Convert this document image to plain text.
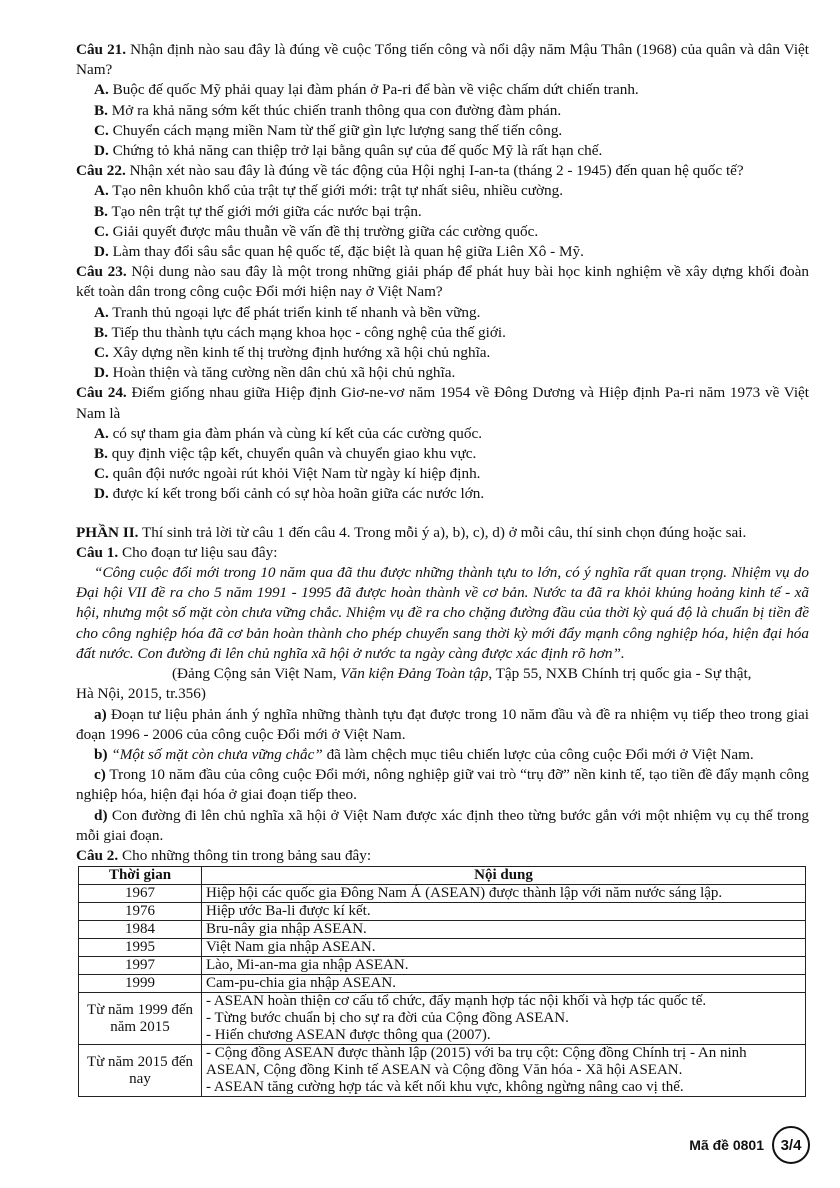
Câu 21. Nhận định nào sau đây là đúng về cuộc Tổng tiến công và nổi dậy năm Mậu Thân (1968) của quân và dân Việt Nam?

A. Buộc đế quốc Mỹ phải quay lại đàm phán ở Pa-ri để bàn về việc chấm dứt chiến tranh.

B. Mở ra khả năng sớm kết thúc chiến tranh thông qua con đường đàm phán.

C. Chuyển cách mạng miền Nam từ thế giữ gìn lực lượng sang thế tiến công.

D. Chứng tỏ khả năng can thiệp trở lại bằng quân sự của đế quốc Mỹ là rất hạn chế.

Câu 22. Nhận xét nào sau đây là đúng về tác động của Hội nghị I-an-ta (tháng 2 - 1945) đến quan hệ quốc tế?

A. Tạo nên khuôn khổ của trật tự thế giới mới: trật tự nhất siêu, nhiều cường.

B. Tạo nên trật tự thế giới mới giữa các nước bại trận.

C. Giải quyết được mâu thuẫn về vấn đề thị trường giữa các cường quốc.

D. Làm thay đổi sâu sắc quan hệ quốc tế, đặc biệt là quan hệ giữa Liên Xô - Mỹ.

Câu 23. Nội dung nào sau đây là một trong những giải pháp để phát huy bài học kinh nghiệm về xây dựng khối đoàn kết toàn dân trong công cuộc Đổi mới hiện nay ở Việt Nam?

A. Tranh thủ ngoại lực để phát triển kinh tế nhanh và bền vững.

B. Tiếp thu thành tựu cách mạng khoa học - công nghệ của thế giới.

C. Xây dựng nền kinh tế thị trường định hướng xã hội chủ nghĩa.

D. Hoàn thiện và tăng cường nền dân chủ xã hội chủ nghĩa.

Câu 24. Điểm giống nhau giữa Hiệp định Giơ-ne-vơ năm 1954 về Đông Dương và Hiệp định Pa-ri năm 1973 về Việt Nam là

A. có sự tham gia đàm phán và cùng kí kết của các cường quốc.

B. quy định việc tập kết, chuyển quân và chuyển giao khu vực.

C. quân đội nước ngoài rút khỏi Việt Nam từ ngày kí hiệp định.

D. được kí kết trong bối cảnh có sự hòa hoãn giữa các nước lớn.

PHẦN II. Thí sinh trả lời từ câu 1 đến câu 4. Trong mỗi ý a), b), c), d) ở mỗi câu, thí sinh chọn đúng hoặc sai.

Câu 1. Cho đoạn tư liệu sau đây:

“Công cuộc đổi mới trong 10 năm qua đã thu được những thành tựu to lớn, có ý nghĩa rất quan trọng. Nhiệm vụ do Đại hội VII đề ra cho 5 năm 1991 - 1995 đã được hoàn thành về cơ bản. Nước ta đã ra khỏi khủng hoảng kinh tế - xã hội, nhưng một số mặt còn chưa vững chắc. Nhiệm vụ đề ra cho chặng đường đầu của thời kỳ quá độ là chuẩn bị tiền đề cho công nghiệp hóa đã cơ bản hoàn thành cho phép chuyển sang thời kỳ mới đẩy mạnh công nghiệp hóa, hiện đại hóa đất nước. Con đường đi lên chủ nghĩa xã hội ở nước ta ngày càng được xác định rõ hơn”.

(Đảng Cộng sản Việt Nam, Văn kiện Đảng Toàn tập, Tập 55, NXB Chính trị quốc gia - Sự thật,

Hà Nội, 2015, tr.356)

a) Đoạn tư liệu phản ánh ý nghĩa những thành tựu đạt được trong 10 năm đầu và đề ra nhiệm vụ tiếp theo trong giai đoạn 1996 - 2006 của công cuộc Đổi mới ở Việt Nam.

b) “Một số mặt còn chưa vững chắc” đã làm chệch mục tiêu chiến lược của công cuộc Đổi mới ở Việt Nam.

c) Trong 10 năm đầu của công cuộc Đổi mới, nông nghiệp giữ vai trò “trụ đỡ” nền kinh tế, tạo tiền đề đẩy mạnh công nghiệp hóa, hiện đại hóa ở giai đoạn tiếp theo.

d) Con đường đi lên chủ nghĩa xã hội ở Việt Nam được xác định theo từng bước gắn với một nhiệm vụ cụ thể trong mỗi giai đoạn.

Câu 2. Cho những thông tin trong bảng sau đây:

Thời gian	Nội dung
1967	Hiệp hội các quốc gia Đông Nam Á (ASEAN) được thành lập với năm nước sáng lập.
1976	Hiệp ước Ba-li được kí kết.
1984	Bru-nây gia nhập ASEAN.
1995	Việt Nam gia nhập ASEAN.
1997	Lào, Mi-an-ma gia nhập ASEAN.
1999	Cam-pu-chia gia nhập ASEAN.
Từ năm 1999 đến năm 2015	- ASEAN hoàn thiện cơ cấu tổ chức, đẩy mạnh hợp tác nội khối và hợp tác quốc tế.
- Từng bước chuẩn bị cho sự ra đời của Cộng đồng ASEAN.
- Hiến chương ASEAN được thông qua (2007).

Từ năm 2015 đến nay	- Cộng đồng ASEAN được thành lập (2015) với ba trụ cột: Cộng đồng Chính trị - An ninh ASEAN, Cộng đồng Kinh tế ASEAN và Cộng đồng Văn hóa - Xã hội ASEAN.
- ASEAN tăng cường hợp tác và kết nối khu vực, không ngừng nâng cao vị thế.
Mã đề 0801	3/4
